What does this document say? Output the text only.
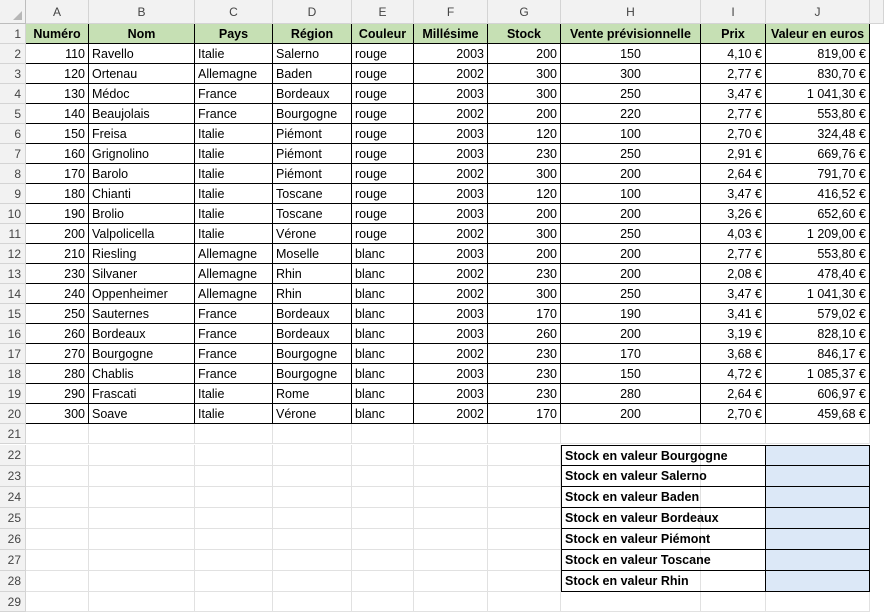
A	B	C	D	E	F	G	H	I	J
1
2
3
4
5
6
7
8
9
10
11
12
13
14
15
16
17
18
19
20
21
22
23
24
25
26
27
28
29
Numéro	Nom	Pays	Région	Couleur	Millésime	Stock	Vente prévisionnelle	Prix	Valeur en euros
110 Ravello	Italie	Salerno	rouge	2003	200	150	4,10 €	819,00 €
120 Ortenau	Allemagne	Baden	rouge	2002	300	300	2,77 €	830,70 €
130 Médoc	France	Bordeaux	rouge	2003	300	250	3,47 €	1 041,30 €
140 Beaujolais	France	Bourgogne	rouge	2002	200	220	2,77 €	553,80 €
150 Freisa	Italie	Piémont	rouge	2003	120	100	2,70 €	324,48 €
160 Grignolino	Italie	Piémont	rouge	2003	230	250	2,91 €	669,76 €
170 Barolo	Italie	Piémont	rouge	2002	300	200	2,64 €	791,70 €
180 Chianti	Italie	Toscane	rouge	2003	120	100	3,47 €	416,52 €
190 Brolio	Italie	Toscane	rouge	2003	200	200	3,26 €	652,60 €
200 Valpolicella	Italie	Vérone	rouge	2002	300	250	4,03 €	1 209,00 €
210 Riesling	Allemagne	Moselle	blanc	2003	200	200	2,77 €	553,80 €
230 Silvaner	Allemagne	Rhin	blanc	2002	230	200	2,08 €	478,40 €
240 Oppenheimer	Allemagne	Rhin	blanc	2002	300	250	3,47 €	1 041,30 €
250 Sauternes	France	Bordeaux	blanc	2003	170	190	3,41 €	579,02 €
260 Bordeaux	France	Bordeaux	blanc	2003	260	200	3,19 €	828,10 €
270 Bourgogne	France	Bourgogne	blanc	2002	230	170	3,68 €	846,17 €
280 Chablis	France	Bourgogne	blanc	2003	230	150	4,72 €	1 085,37 €
290 Frascati	Italie	Rome	blanc	2003	230	280	2,64 €	606,97 €
300 Soave	Italie	Vérone	blanc	2002	170	200	2,70 €	459,68 €
Stock en valeur Bourgogne
Stock en valeur Salerno
Stock en valeur Baden
Stock en valeur Bordeaux
Stock en valeur Piémont
Stock en valeur Toscane
Stock en valeur Rhin
